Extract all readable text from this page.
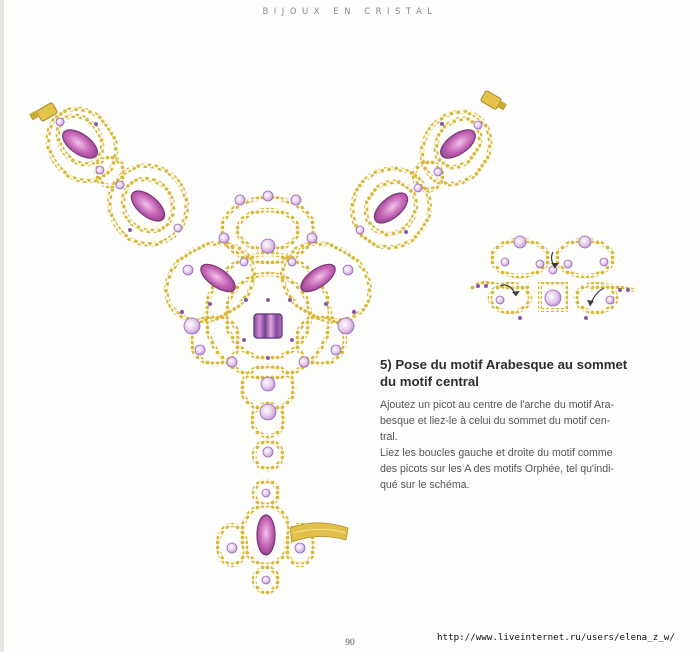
BIJOUX EN CRISTAL
5) Pose du motif Arabesque au sommet
du motif central

Ajoutez un picot au centre de l'arche du motif Ara-
besque et liez-le à celui du sommet du motif cen-
tral.

Liez les boucles gauche et droite du motif comme
des picots sur les A des motifs Orphée, tel qu'indi-
qué sur le schéma.

90	http://www.liveinternet.ru/users/elena_z_w/
